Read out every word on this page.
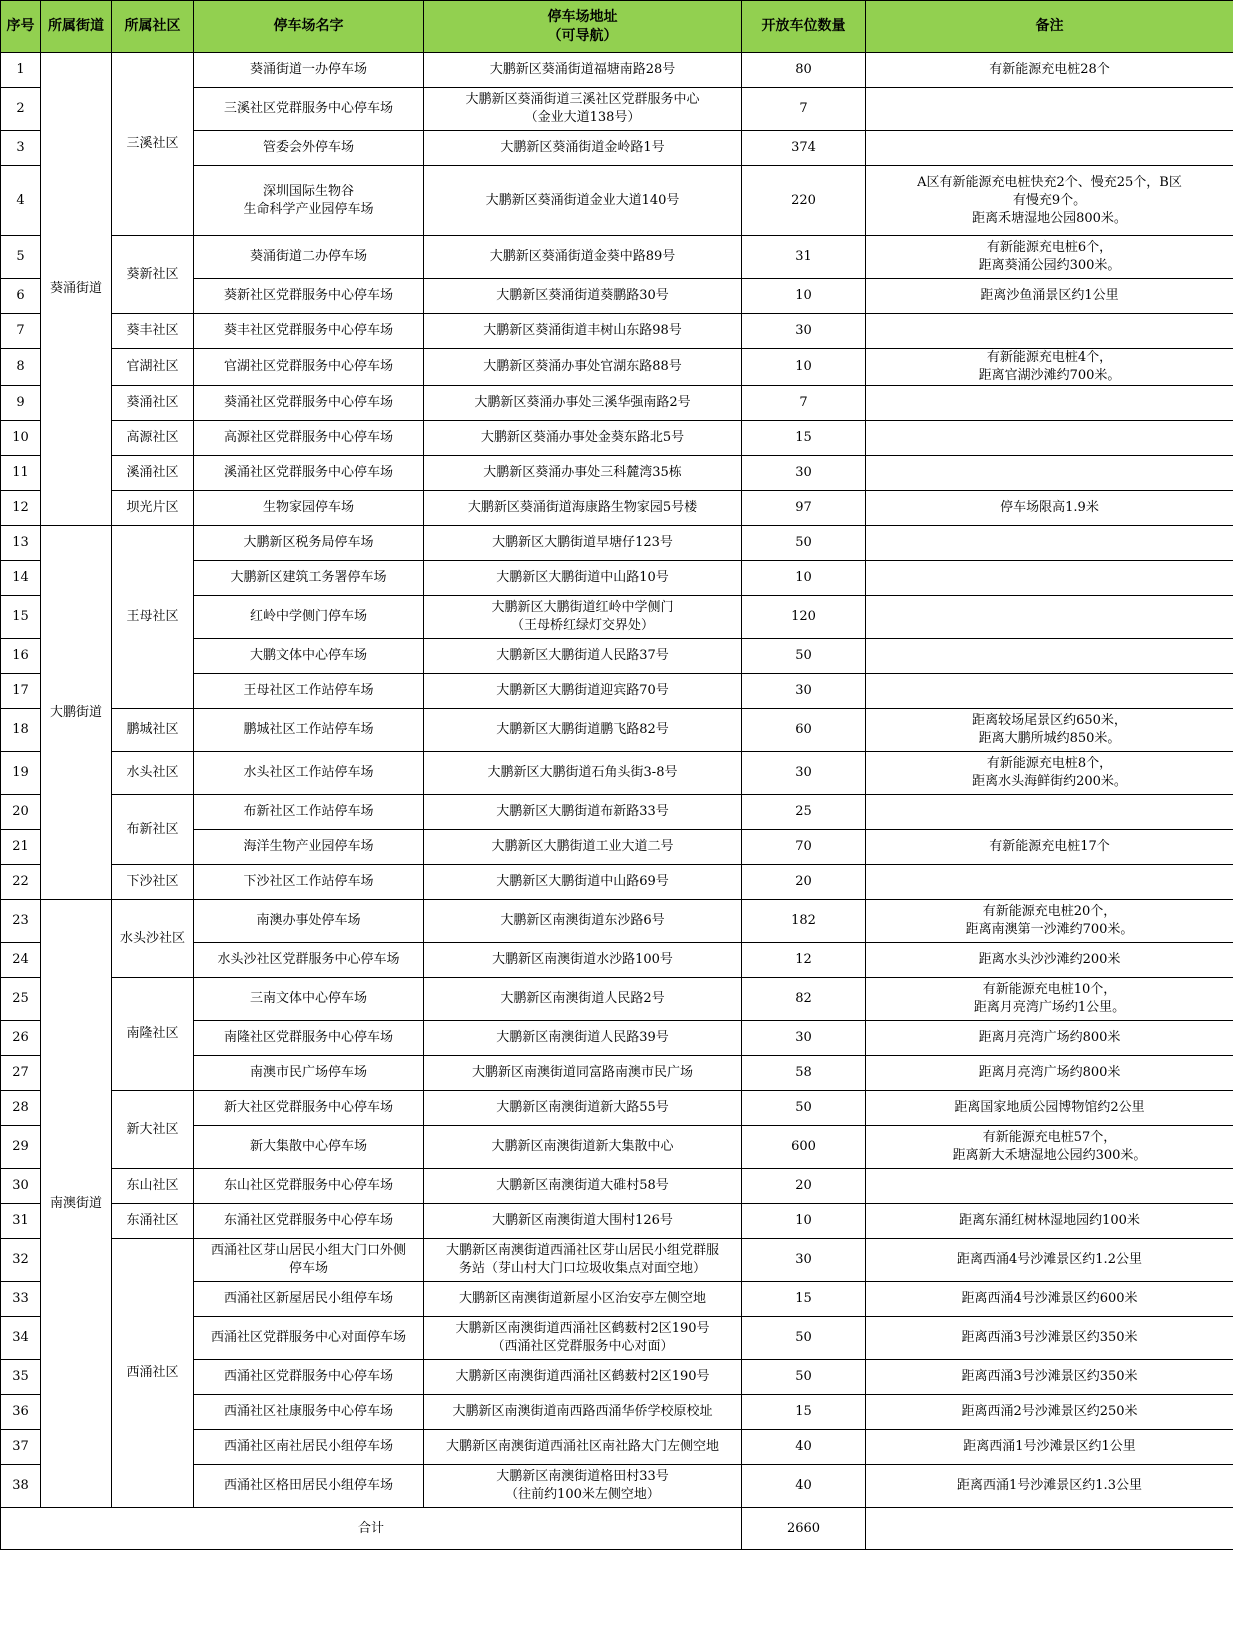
序号	所属街道	所属社区	停车场名字	停车场地址
（可导航）	开放车位数量	备注
1	葵涌街道	三溪社区	葵涌街道一办停车场	大鹏新区葵涌街道福塘南路28号	80	有新能源充电桩28个

2			三溪社区党群服务中心停车场	大鹏新区葵涌街道三溪社区党群服务中心
（金业大道138号）	7	
3			管委会外停车场	大鹏新区葵涌街道金岭路1号	374	
4			深圳国际生物谷
生命科学产业园停车场	大鹏新区葵涌街道金业大道140号	220	A区有新能源充电桩快充2个、慢充25个，B区
有慢充9个。
距离禾塘湿地公园800米。

5		葵新社区	葵涌街道二办停车场	大鹏新区葵涌街道金葵中路89号	31	有新能源充电桩6个，
距离葵涌公园约300米。

6			葵新社区党群服务中心停车场	大鹏新区葵涌街道葵鹏路30号	10	距离沙鱼涌景区约1公里

7		葵丰社区	葵丰社区党群服务中心停车场	大鹏新区葵涌街道丰树山东路98号	30	
8		官湖社区	官湖社区党群服务中心停车场	大鹏新区葵涌办事处官湖东路88号	10	有新能源充电桩4个，
距离官湖沙滩约700米。

9		葵涌社区	葵涌社区党群服务中心停车场	大鹏新区葵涌办事处三溪华强南路2号	7	
10		高源社区	高源社区党群服务中心停车场	大鹏新区葵涌办事处金葵东路北5号	15	
11		溪涌社区	溪涌社区党群服务中心停车场	大鹏新区葵涌办事处三科麓湾35栋	30	
12		坝光片区	生物家园停车场	大鹏新区葵涌街道海康路生物家园5号楼	97	停车场限高1.9米

13	大鹏街道	王母社区	大鹏新区税务局停车场	大鹏新区大鹏街道早塘仔123号	50	
14			大鹏新区建筑工务署停车场	大鹏新区大鹏街道中山路10号	10	
15			红岭中学侧门停车场	大鹏新区大鹏街道红岭中学侧门
（王母桥红绿灯交界处）	120	
16			大鹏文体中心停车场	大鹏新区大鹏街道人民路37号	50	
17			王母社区工作站停车场	大鹏新区大鹏街道迎宾路70号	30	
18		鹏城社区	鹏城社区工作站停车场	大鹏新区大鹏街道鹏飞路82号	60	距离较场尾景区约650米，
距离大鹏所城约850米。

19		水头社区	水头社区工作站停车场	大鹏新区大鹏街道石角头街3-8号	30	有新能源充电桩8个，
距离水头海鲜街约200米。

20		布新社区	布新社区工作站停车场	大鹏新区大鹏街道布新路33号	25	
21			海洋生物产业园停车场	大鹏新区大鹏街道工业大道二号	70	有新能源充电桩17个

22		下沙社区	下沙社区工作站停车场	大鹏新区大鹏街道中山路69号	20	
23	南澳街道	水头沙社区	南澳办事处停车场	大鹏新区南澳街道东沙路6号	182	有新能源充电桩20个，
距离南澳第一沙滩约700米。

24			水头沙社区党群服务中心停车场	大鹏新区南澳街道水沙路100号	12	距离水头沙沙滩约200米

25		南隆社区	三南文体中心停车场	大鹏新区南澳街道人民路2号	82	有新能源充电桩10个，
距离月亮湾广场约1公里。

26			南隆社区党群服务中心停车场	大鹏新区南澳街道人民路39号	30	距离月亮湾广场约800米

27			南澳市民广场停车场	大鹏新区南澳街道同富路南澳市民广场	58	距离月亮湾广场约800米

28		新大社区	新大社区党群服务中心停车场	大鹏新区南澳街道新大路55号	50	距离国家地质公园博物馆约2公里

29			新大集散中心停车场	大鹏新区南澳街道新大集散中心	600	有新能源充电桩57个，
距离新大禾塘湿地公园约300米。

30		东山社区	东山社区党群服务中心停车场	大鹏新区南澳街道大碓村58号	20	
31		东涌社区	东涌社区党群服务中心停车场	大鹏新区南澳街道大围村126号	10	距离东涌红树林湿地园约100米

32		西涌社区	西涌社区芽山居民小组大门口外侧
停车场	大鹏新区南澳街道西涌社区芽山居民小组党群服
务站（芽山村大门口垃圾收集点对面空地）	30	距离西涌4号沙滩景区约1.2公里

33			西涌社区新屋居民小组停车场	大鹏新区南澳街道新屋小区治安亭左侧空地	15	距离西涌4号沙滩景区约600米

34			西涌社区党群服务中心对面停车场	大鹏新区南澳街道西涌社区鹤薮村2区190号
（西涌社区党群服务中心对面）	50	距离西涌3号沙滩景区约350米

35			西涌社区党群服务中心停车场	大鹏新区南澳街道西涌社区鹤薮村2区190号	50	距离西涌3号沙滩景区约350米

36			西涌社区社康服务中心停车场	大鹏新区南澳街道南西路西涌华侨学校原校址	15	距离西涌2号沙滩景区约250米

37			西涌社区南社居民小组停车场	大鹏新区南澳街道西涌社区南社路大门左侧空地	40	距离西涌1号沙滩景区约1公里

38			西涌社区格田居民小组停车场	大鹏新区南澳街道格田村33号
（往前约100米左侧空地）	40	距离西涌1号沙滩景区约1.3公里

合计					2660	
